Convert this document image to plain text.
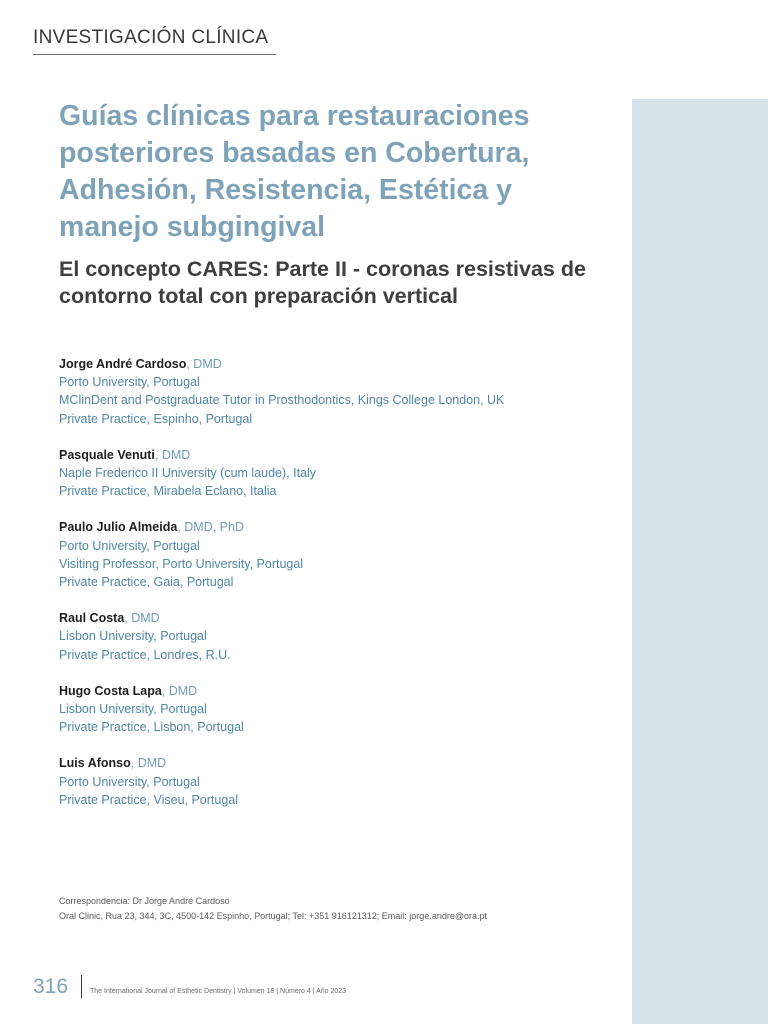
INVESTIGACIÓN CLÍNICA
Guías clínicas para restauraciones posteriores basadas en Cobertura, Adhesión, Resistencia, Estética y manejo subgingival
El concepto CARES: Parte II - coronas resistivas de contorno total con preparación vertical
Jorge André Cardoso, DMD
Porto University, Portugal
MClinDent and Postgraduate Tutor in Prosthodontics, Kings College London, UK
Private Practice, Espinho, Portugal
Pasquale Venuti, DMD
Naple Frederico II University (cum laude), Italy
Private Practice, Mirabela Eclano, Italia
Paulo Julio Almeida, DMD, PhD
Porto University, Portugal
Visiting Professor, Porto University, Portugal
Private Practice, Gaia, Portugal
Raul Costa, DMD
Lisbon University, Portugal
Private Practice, Londres, R.U.
Hugo Costa Lapa, DMD
Lisbon University, Portugal
Private Practice, Lisbon, Portugal
Luis Afonso, DMD
Porto University, Portugal
Private Practice, Viseu, Portugal
Correspondencia: Dr Jorge André Cardoso
Oral Clinic, Rua 23, 344, 3C, 4500-142 Espinho, Portugal; Tel: +351 916121312; Email: jorge.andre@ora.pt
316	The International Journal of Esthetic Dentistry | Volumen 18 | Número 4 | Año 2023
